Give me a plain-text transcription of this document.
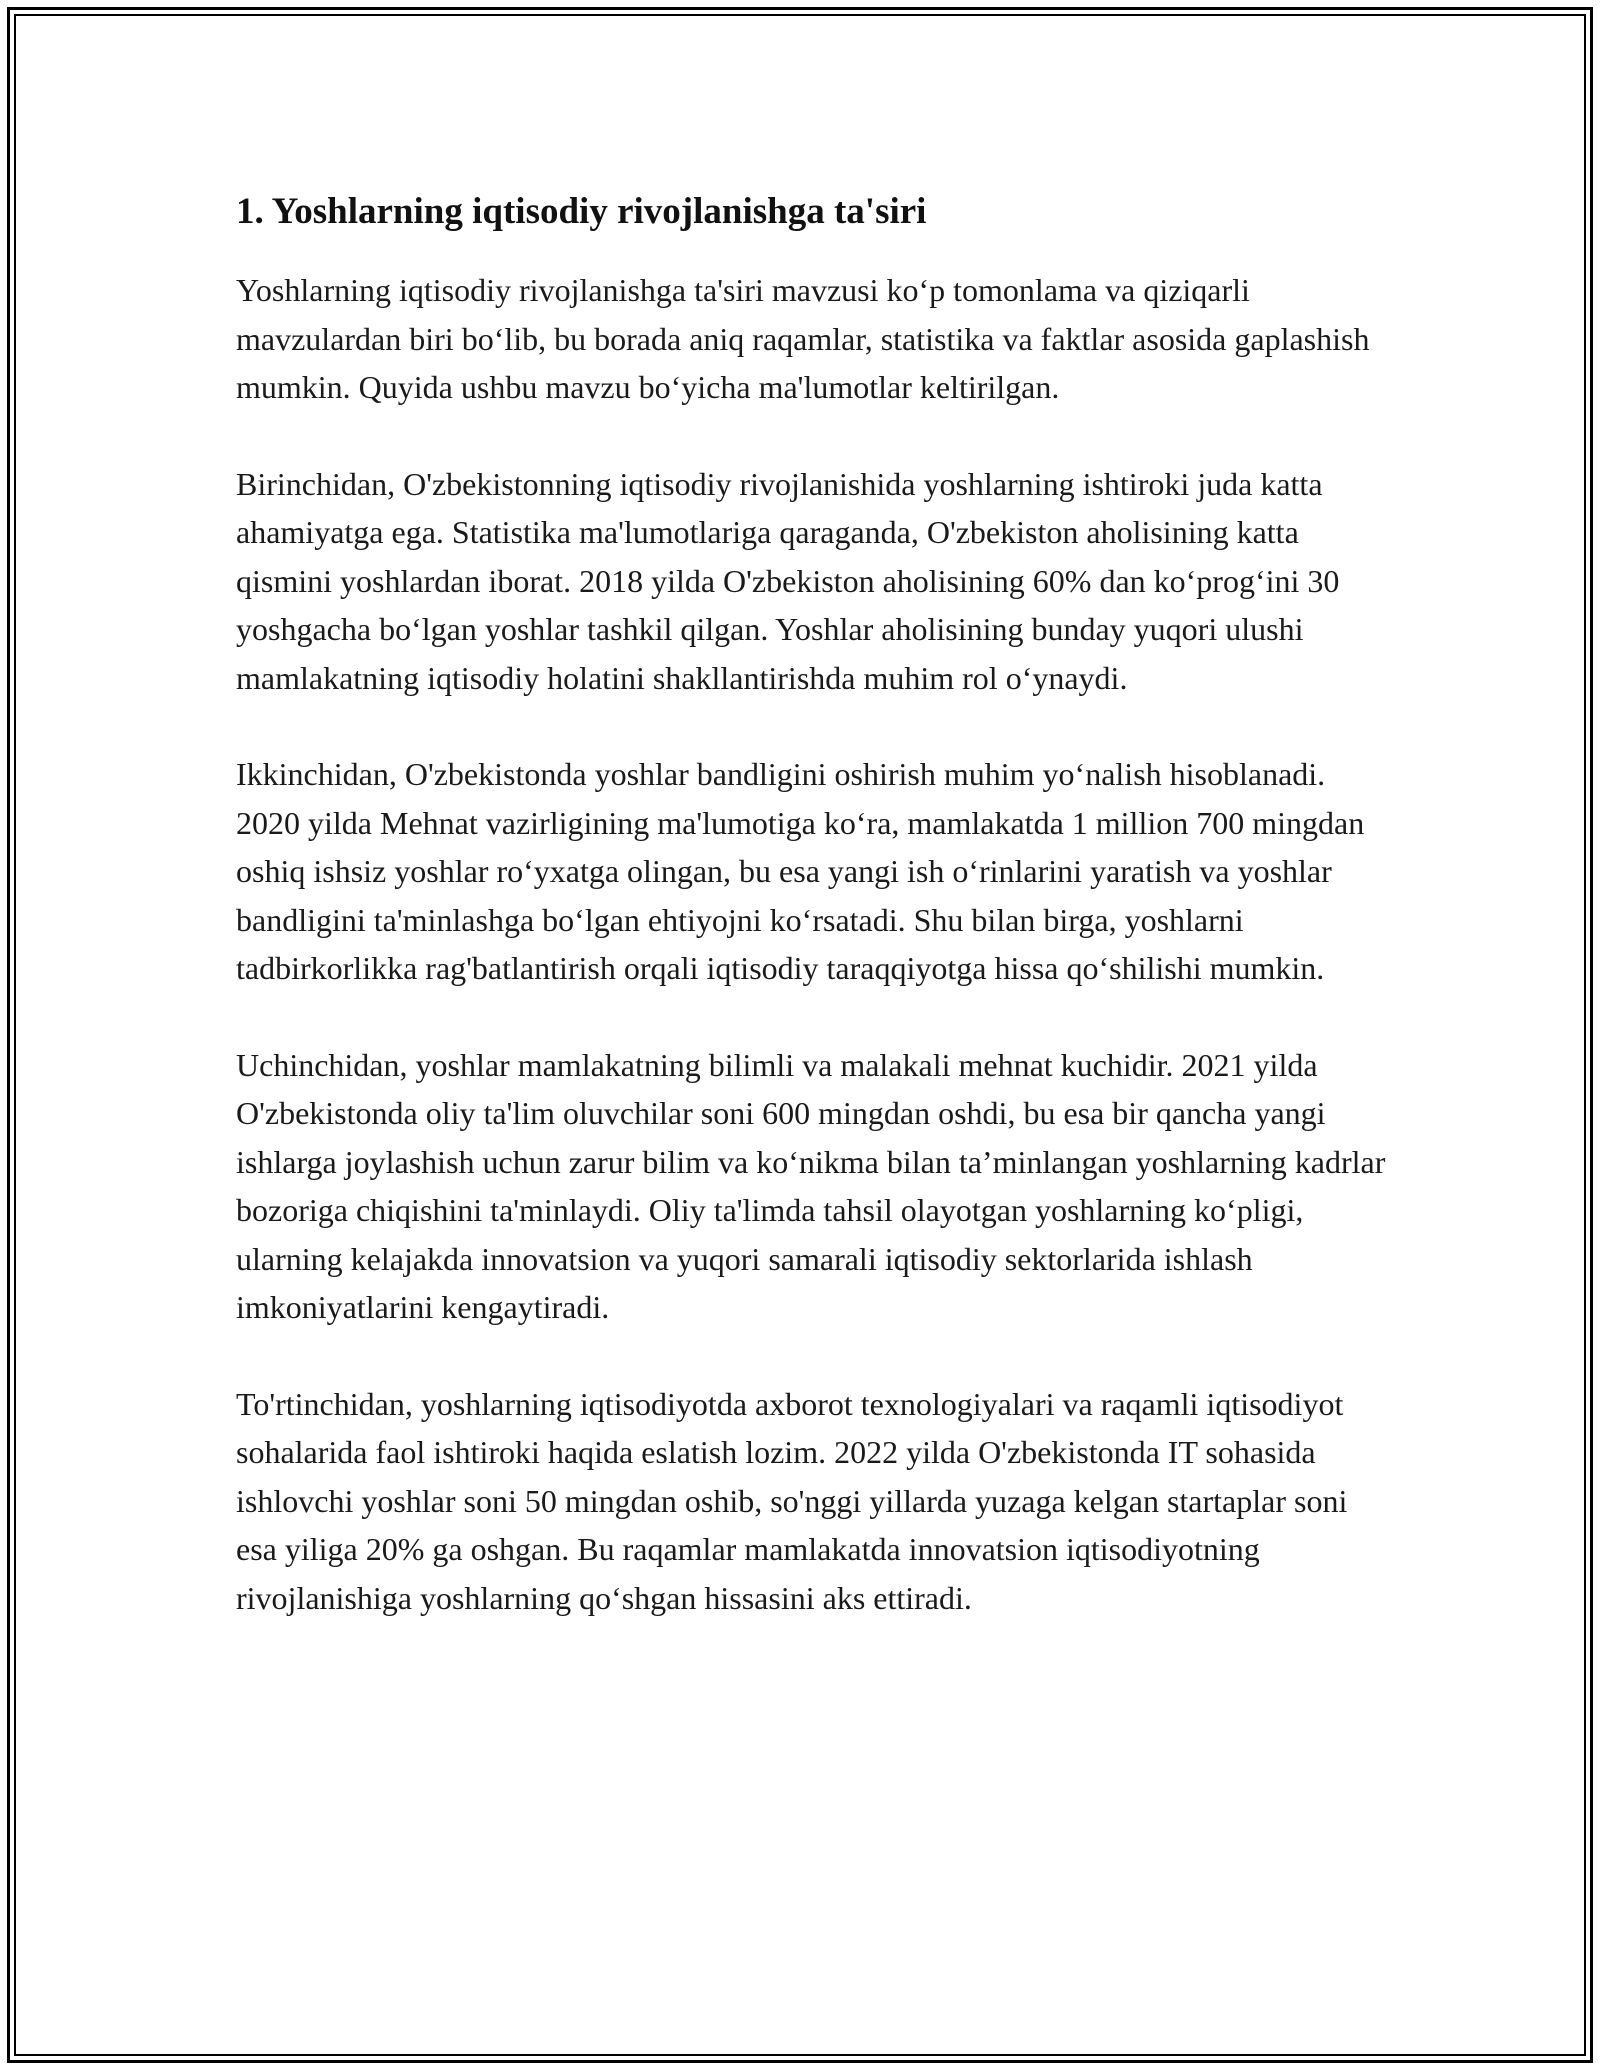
1. Yoshlarning iqtisodiy rivojlanishga ta'siri

Yoshlarning iqtisodiy rivojlanishga ta'siri mavzusi ko‘p tomonlama va qiziqarli mavzulardan biri bo‘lib, bu borada aniq raqamlar, statistika va faktlar asosida gaplashish mumkin. Quyida ushbu mavzu bo‘yicha ma'lumotlar keltirilgan.

Birinchidan, O'zbekistonning iqtisodiy rivojlanishida yoshlarning ishtiroki juda katta ahamiyatga ega. Statistika ma'lumotlariga qaraganda, O'zbekiston aholisining katta qismini yoshlardan iborat. 2018 yilda O'zbekiston aholisining 60% dan ko‘prog‘ini 30 yoshgacha bo‘lgan yoshlar tashkil qilgan. Yoshlar aholisining bunday yuqori ulushi mamlakatning iqtisodiy holatini shakllantirishda muhim rol o‘ynaydi.

Ikkinchidan, O'zbekistonda yoshlar bandligini oshirish muhim yo‘nalish hisoblanadi. 2020 yilda Mehnat vazirligining ma'lumotiga ko‘ra, mamlakatda 1 million 700 mingdan oshiq ishsiz yoshlar ro‘yxatga olingan, bu esa yangi ish o‘rinlarini yaratish va yoshlar bandligini ta'minlashga bo‘lgan ehtiyojni ko‘rsatadi. Shu bilan birga, yoshlarni tadbirkorlikka rag'batlantirish orqali iqtisodiy taraqqiyotga hissa qo‘shilishi mumkin.

Uchinchidan, yoshlar mamlakatning bilimli va malakali mehnat kuchidir. 2021 yilda O'zbekistonda oliy ta'lim oluvchilar soni 600 mingdan oshdi, bu esa bir qancha yangi ishlarga joylashish uchun zarur bilim va ko‘nikma bilan ta’minlangan yoshlarning kadrlar bozoriga chiqishini ta'minlaydi. Oliy ta'limda tahsil olayotgan yoshlarning ko‘pligi, ularning kelajakda innovatsion va yuqori samarali iqtisodiy sektorlarida ishlash imkoniyatlarini kengaytiradi.

To'rtinchidan, yoshlarning iqtisodiyotda axborot texnologiyalari va raqamli iqtisodiyot sohalarida faol ishtiroki haqida eslatish lozim. 2022 yilda O'zbekistonda IT sohasida ishlovchi yoshlar soni 50 mingdan oshib, so'nggi yillarda yuzaga kelgan startaplar soni esa yiliga 20% ga oshgan. Bu raqamlar mamlakatda innovatsion iqtisodiyotning rivojlanishiga yoshlarning qo‘shgan hissasini aks ettiradi.
